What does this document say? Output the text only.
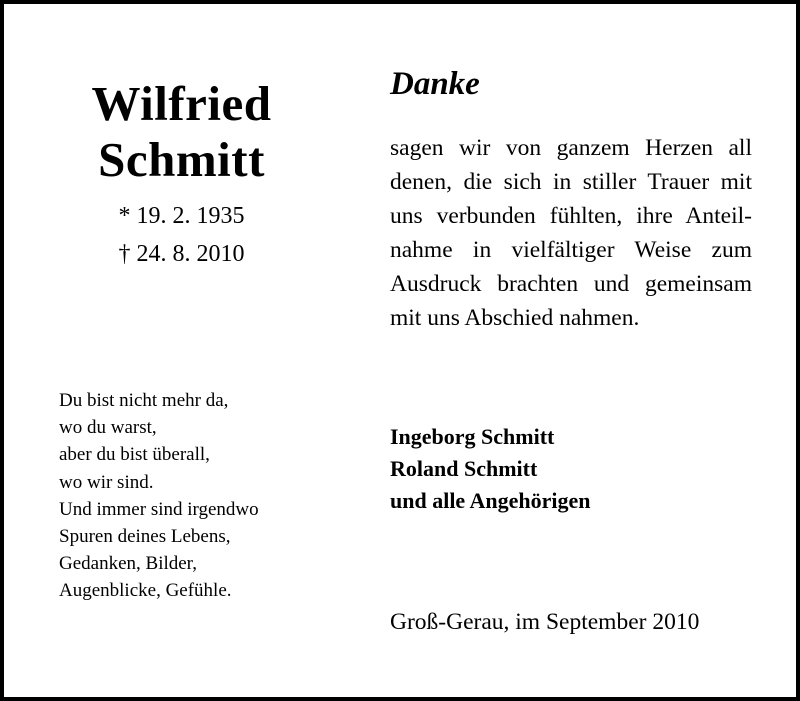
Wilfried
Schmitt
* 19. 2. 1935
† 24. 8. 2010
Du bist nicht mehr da,
wo du warst,
aber du bist überall,
wo wir sind.
Und immer sind irgendwo
Spuren deines Lebens,
Gedanken, Bilder,
Augenblicke, Gefühle.
Danke
sagen wir von ganzem Herzen all
denen, die sich in stiller Trauer mit
uns verbunden fühlten, ihre Anteil-
nahme in vielfältiger Weise zum
Ausdruck brachten und gemeinsam
mit uns Abschied nahmen.
Ingeborg Schmitt
Roland Schmitt
und alle Angehörigen
Groß-Gerau, im September 2010
